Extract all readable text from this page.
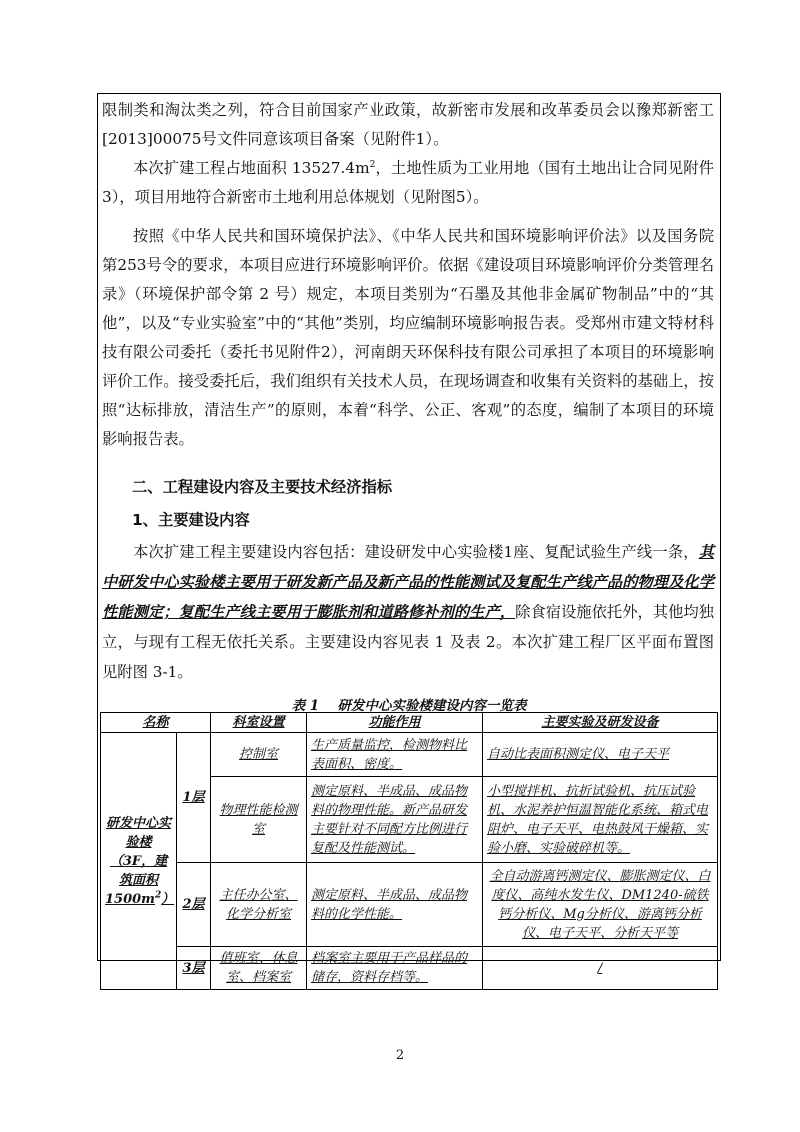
限制类和淘汰类之列，符合目前国家产业政策，故新密市发展和改革委员会以豫郑新密工[2013]00075号文件同意该项目备案（见附件1）。

本次扩建工程占地面积 $13527.4m^2$，土地性质为工业用地（国有土地出让合同见附件3），项目用地符合新密市土地利用总体规划（见附图5）。

按照《中华人民共和国环境保护法》、《中华人民共和国环境影响评价法》以及国务院第253号令的要求，本项目应进行环境影响评价。依据《建设项目环境影响评价分类管理名录》（环境保护部令第 2 号）规定，本项目类别为“石墨及其他非金属矿物制品”中的“其他”，以及“专业实验室”中的“其他”类别，均应编制环境影响报告表。受郑州市建文特材科技有限公司委托（委托书见附件2），河南朗天环保科技有限公司承担了本项目的环境影响评价工作。接受委托后，我们组织有关技术人员，在现场调查和收集有关资料的基础上，按照“达标排放，清洁生产”的原则，本着“科学、公正、客观”的态度，编制了本项目的环境影响报告表。

二、工程建设内容及主要技术经济指标
1、主要建设内容

本次扩建工程主要建设内容包括：建设研发中心实验楼1座、复配试验生产线一条，其中研发中心实验楼主要用于研发新产品及新产品的性能测试及复配生产线产品的物理及化学性能测定；复配生产线主要用于膨胀剂和道路修补剂的生产，除食宿设施依托外，其他均独立，与现有工程无依托关系。主要建设内容见表 1 及表 2。本次扩建工程厂区平面布置图见附图 3-1。

表 1　 研发中心实验楼建设内容一览表
名称		科室设置	功能作用	主要实验及研发设备
研发中心实验楼（3F，建筑面积$1500m^2$）	1层	控制室	生产质量监控，检测物料比表面积、密度。	自动比表面积测定仪、电子天平
		物理性能检测室	测定原料、半成品、成品物料的物理性能。新产品研发主要针对不同配方比例进行复配及性能测试。	小型搅拌机、抗折试验机、抗压试验机、水泥养护恒温智能化系统、箱式电阻炉、电子天平、电热鼓风干燥箱、实验小磨、实验破碎机等。
	2层	主任办公室、化学分析室	测定原料、半成品、成品物料的化学性能。	全自动游离钙测定仪、膨胀测定仪、白度仪、高纯水发生仪、DM1240-硫铁钙分析仪、Mg分析仪、游离钙分析仪、电子天平、分析天平等
	3层	值班室、休息室、档案室	档案室主要用于产品样品的储存，资料存档等。	/
2
